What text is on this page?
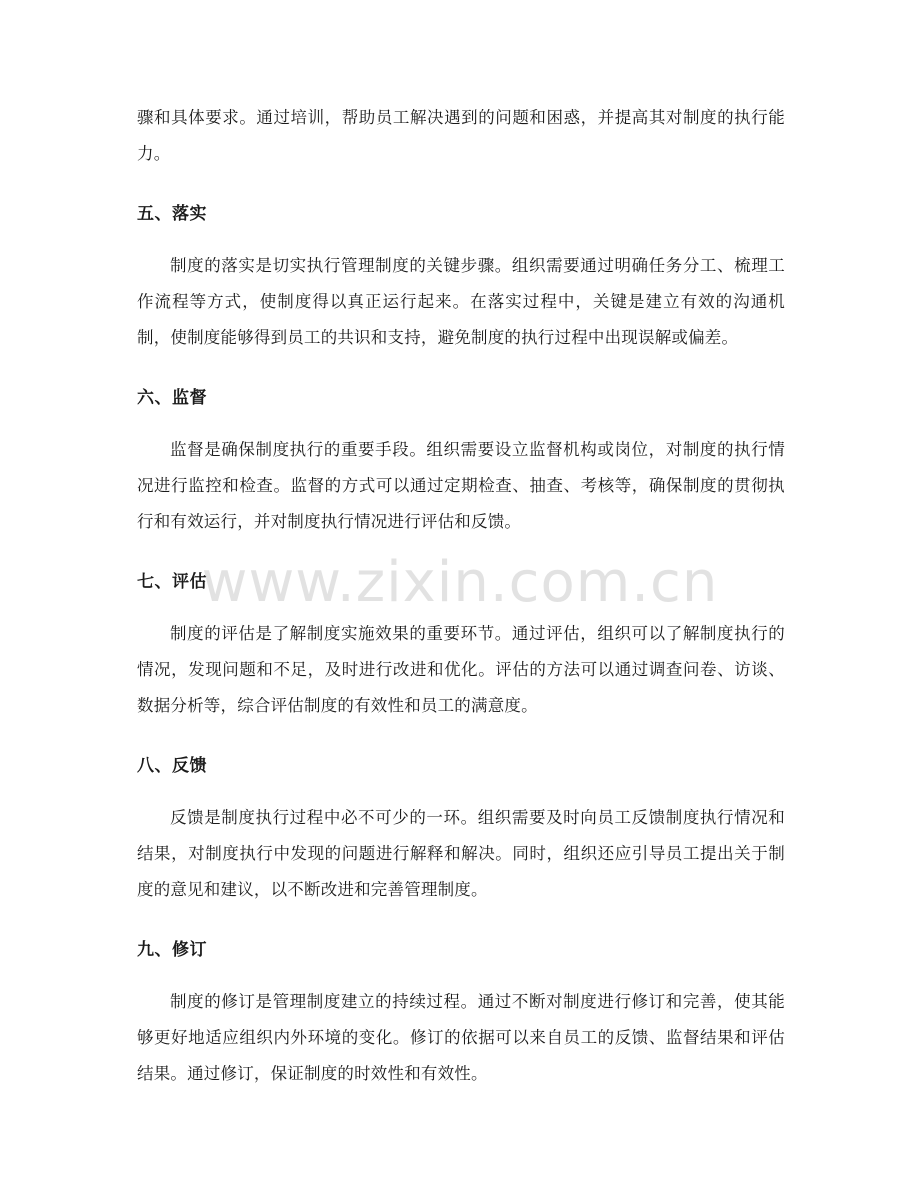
骤和具体要求。通过培训，帮助员工解决遇到的问题和困惑，并提高其对制度的执行能力。

五、落实

制度的落实是切实执行管理制度的关键步骤。组织需要通过明确任务分工、梳理工作流程等方式，使制度得以真正运行起来。在落实过程中，关键是建立有效的沟通机制，使制度能够得到员工的共识和支持，避免制度的执行过程中出现误解或偏差。

六、监督

监督是确保制度执行的重要手段。组织需要设立监督机构或岗位，对制度的执行情况进行监控和检查。监督的方式可以通过定期检查、抽查、考核等，确保制度的贯彻执行和有效运行，并对制度执行情况进行评估和反馈。

七、评估

制度的评估是了解制度实施效果的重要环节。通过评估，组织可以了解制度执行的情况，发现问题和不足，及时进行改进和优化。评估的方法可以通过调查问卷、访谈、数据分析等，综合评估制度的有效性和员工的满意度。

八、反馈

反馈是制度执行过程中必不可少的一环。组织需要及时向员工反馈制度执行情况和结果，对制度执行中发现的问题进行解释和解决。同时，组织还应引导员工提出关于制度的意见和建议，以不断改进和完善管理制度。

九、修订

制度的修订是管理制度建立的持续过程。通过不断对制度进行修订和完善，使其能够更好地适应组织内外环境的变化。修订的依据可以来自员工的反馈、监督结果和评估结果。通过修订，保证制度的时效性和有效性。

www.zixin.com.cn
